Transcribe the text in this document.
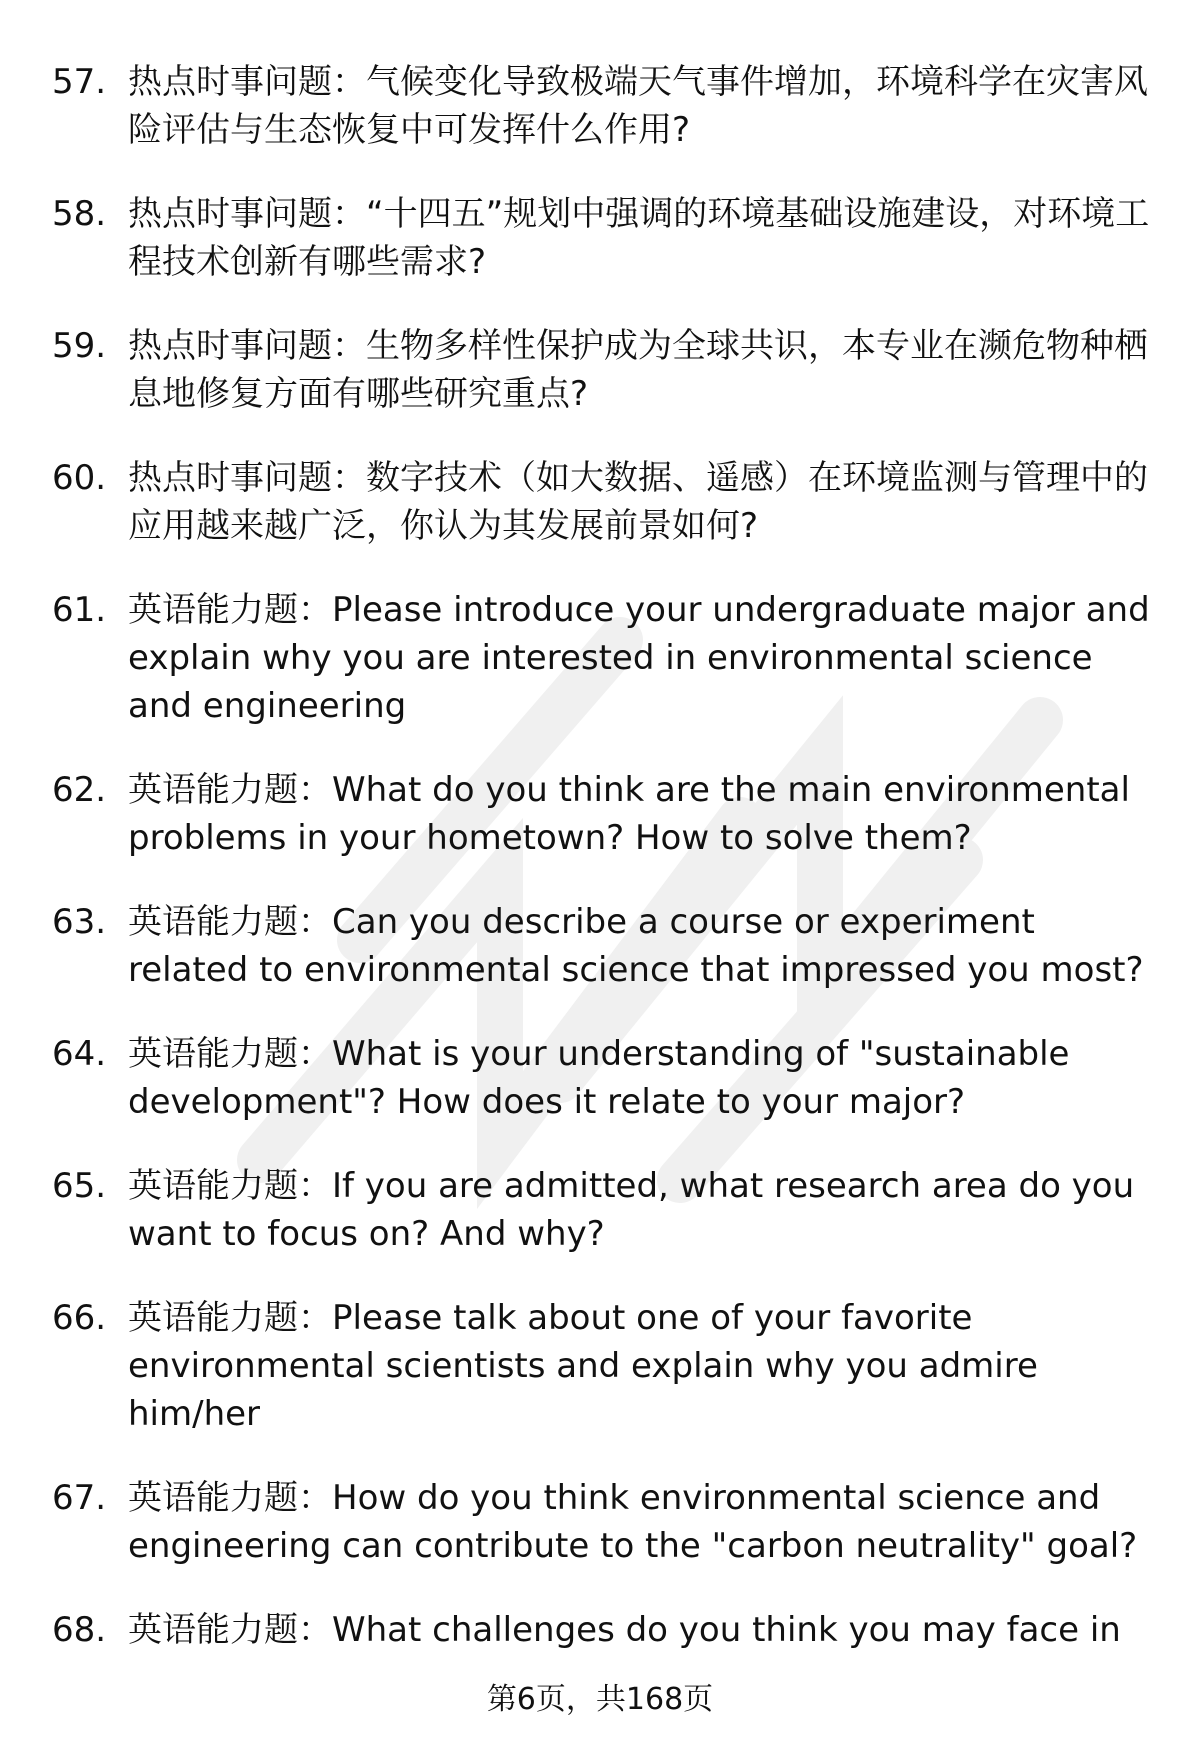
57. 热点时事问题：气候变化导致极端天气事件增加，环境科学在灾害风险评估与生态恢复中可发挥什么作用?
58. 热点时事问题：“十四五”规划中强调的环境基础设施建设，对环境工程技术创新有哪些需求?
59. 热点时事问题：生物多样性保护成为全球共识，本专业在濒危物种栖息地修复方面有哪些研究重点?
60. 热点时事问题：数字技术（如大数据、遥感）在环境监测与管理中的应用越来越广泛，你认为其发展前景如何?
61. 英语能力题：Please introduce your undergraduate major and explain why you are interested in environmental science and engineering
62. 英语能力题：What do you think are the main environmental problems in your hometown? How to solve them?
63. 英语能力题：Can you describe a course or experiment related to environmental science that impressed you most?
64. 英语能力题：What is your understanding of "sustainable development"? How does it relate to your major?
65. 英语能力题：If you are admitted, what research area do you want to focus on? And why?
66. 英语能力题：Please talk about one of your favorite environmental scientists and explain why you admire him/her
67. 英语能力题：How do you think environmental science and engineering can contribute to the "carbon neutrality" goal?
68. 英语能力题：What challenges do you think you may face in
第6页，共168页
